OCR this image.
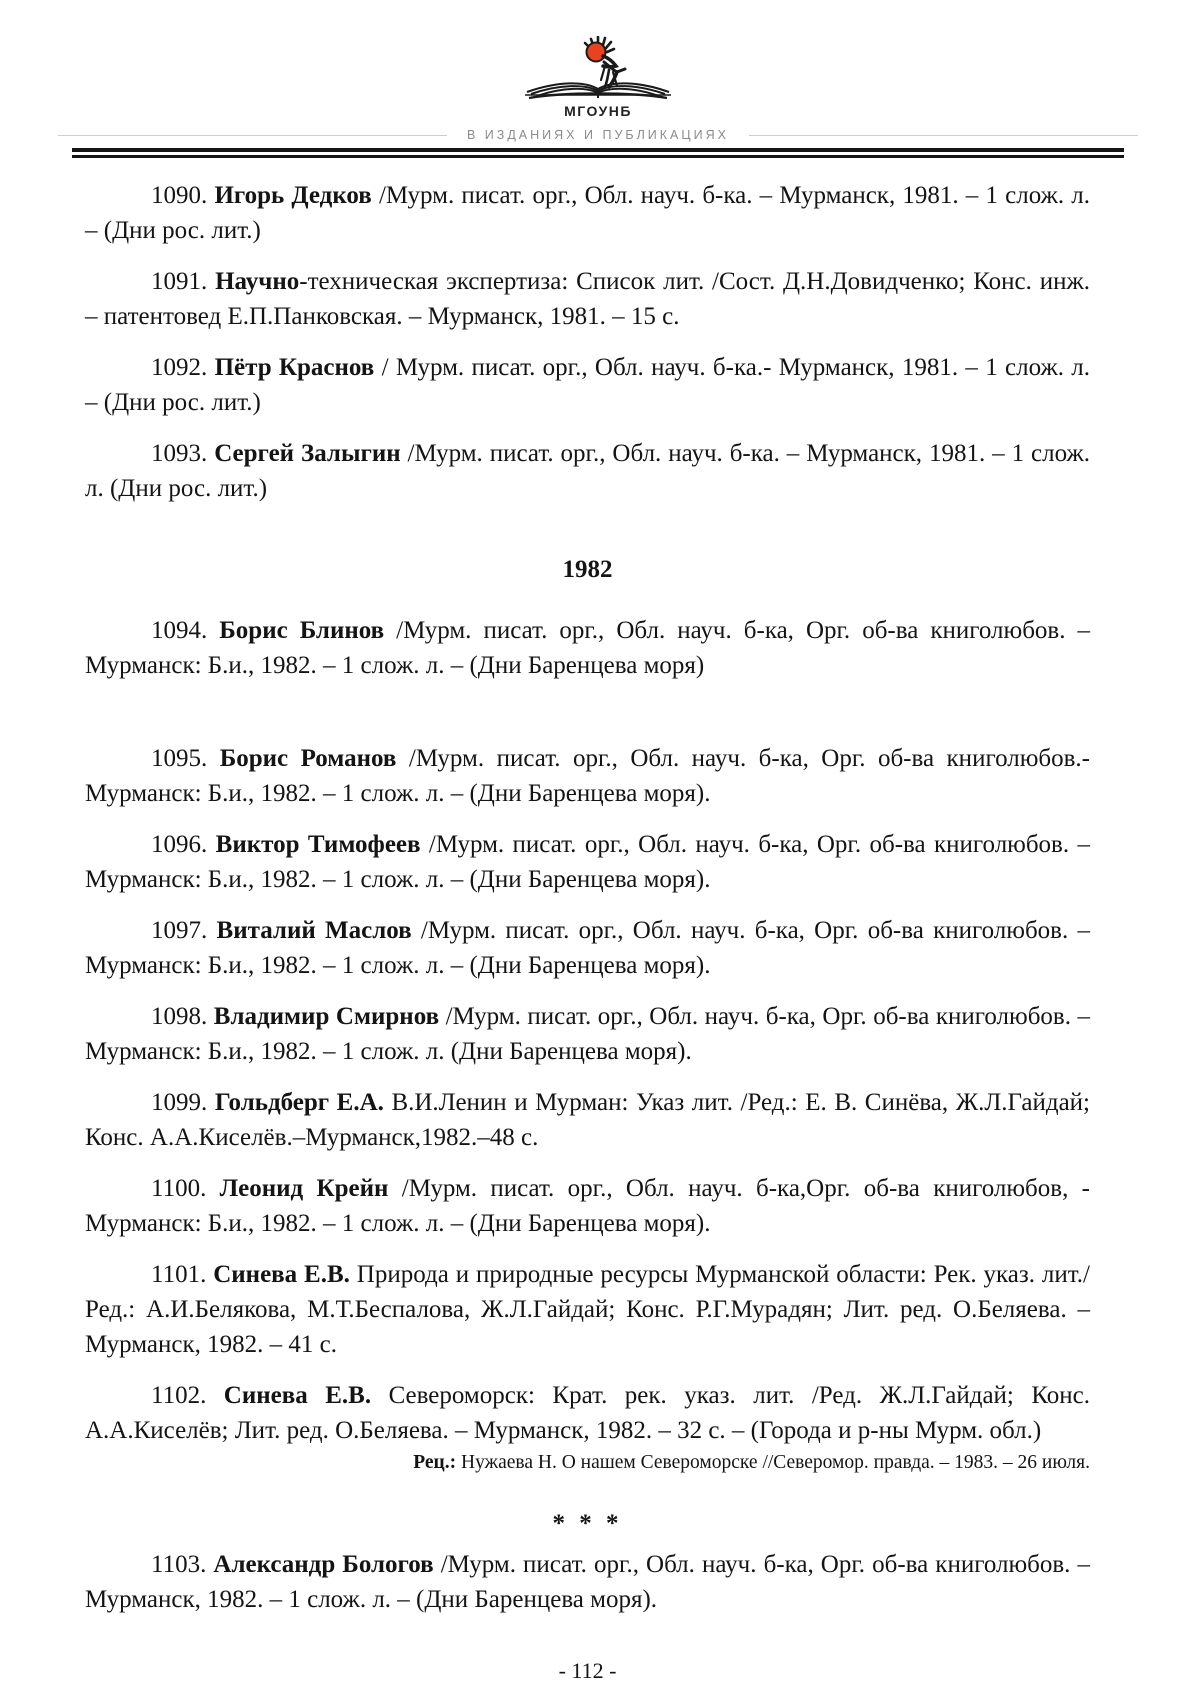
МГОУНБ
В ИЗДАНИЯХ И ПУБЛИКАЦИЯХ

1090. Игорь Дедков /Мурм. писат. орг., Обл. науч. б-ка. – Мурманск, 1981. – 1 слож. л. – (Дни рос. лит.)

1091. Научно-техническая экспертиза: Список лит. /Сост. Д.Н.Довидченко; Конс. инж. – патентовед Е.П.Панковская. – Мурманск, 1981. – 15 с.

1092. Пётр Краснов / Мурм. писат. орг., Обл. науч. б-ка.- Мурманск, 1981. – 1 слож. л. – (Дни рос. лит.)

1093. Сергей Залыгин /Мурм. писат. орг., Обл. науч. б-ка. – Мурманск, 1981. – 1 слож. л. (Дни рос. лит.)

1982

1094. Борис Блинов /Мурм. писат. орг., Обл. науч. б-ка, Орг. об-ва книголюбов. – Мурманск: Б.и., 1982. – 1 слож. л. – (Дни Баренцева моря)

1095. Борис Романов /Мурм. писат. орг., Обл. науч. б-ка, Орг. об-ва книголюбов.- Мурманск: Б.и., 1982. – 1 слож. л. – (Дни Баренцева моря).

1096. Виктор Тимофеев /Мурм. писат. орг., Обл. науч. б-ка, Орг. об-ва книголюбов. – Мурманск: Б.и., 1982. – 1 слож. л. – (Дни Баренцева моря).

1097. Виталий Маслов /Мурм. писат. орг., Обл. науч. б-ка, Орг. об-ва книголюбов. – Мурманск: Б.и., 1982. – 1 слож. л. – (Дни Баренцева моря).

1098. Владимир Смирнов /Мурм. писат. орг., Обл. науч. б-ка, Орг. об-ва книголюбов. – Мурманск: Б.и., 1982. – 1 слож. л. (Дни Баренцева моря).

1099. Гольдберг Е.А. В.И.Ленин и Мурман: Указ лит. /Ред.: Е. В. Синёва, Ж.Л.Гайдай; Конс. А.А.Киселёв.–Мурманск,1982.–48 с.

1100. Леонид Крейн /Мурм. писат. орг., Обл. науч. б-ка,Орг. об-ва книголюбов, - Мурманск: Б.и., 1982. – 1 слож. л. – (Дни Баренцева моря).

1101. Синева Е.В. Природа и природные ресурсы Мурманской области: Рек. указ. лит./Ред.: А.И.Белякова, М.Т.Беспалова, Ж.Л.Гайдай; Конс. Р.Г.Мурадян; Лит. ред. О.Беляева. – Мурманск, 1982. – 41 с.

1102. Синева Е.В. Североморск: Крат. рек. указ. лит. /Ред. Ж.Л.Гайдай; Конс. А.А.Киселёв; Лит. ред. О.Беляева. – Мурманск, 1982. – 32 с. – (Города и р-ны Мурм. обл.)

Рец.: Нужаева Н. О нашем Североморске //Северомор. правда. – 1983. – 26 июля.

* * *

1103. Александр Бологов /Мурм. писат. орг., Обл. науч. б-ка, Орг. об-ва книголюбов. – Мурманск, 1982. – 1 слож. л. – (Дни Баренцева моря).

- 112 -
